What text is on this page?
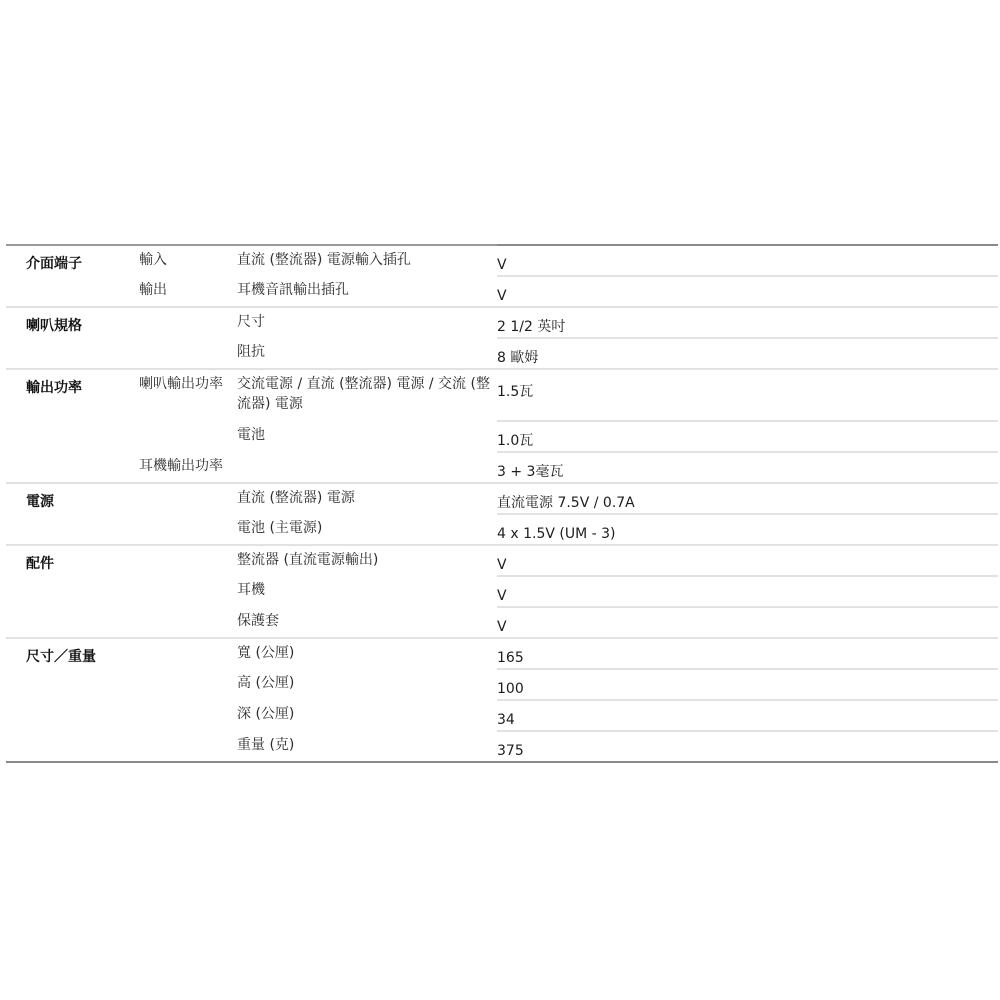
介面端子	輸入	直流 (整流器) 電源輸入插孔	V
	輸出	耳機音訊輸出插孔	V
喇叭規格		尺寸	2 1/2 英吋
		阻抗	8 歐姆
輸出功率	喇叭輸出功率	交流電源 / 直流 (整流器) 電源 / 交流 (整流器) 電源	1.5瓦
		電池	1.0瓦
	耳機輸出功率		3 + 3毫瓦
電源		直流 (整流器) 電源	直流電源 7.5V / 0.7A
		電池 (主電源)	4 x 1.5V (UM - 3)
配件		整流器 (直流電源輸出)	V
		耳機	V
		保護套	V
尺寸／重量		寬 (公厘)	165
		高 (公厘)	100
		深 (公厘)	34
		重量 (克)	375
